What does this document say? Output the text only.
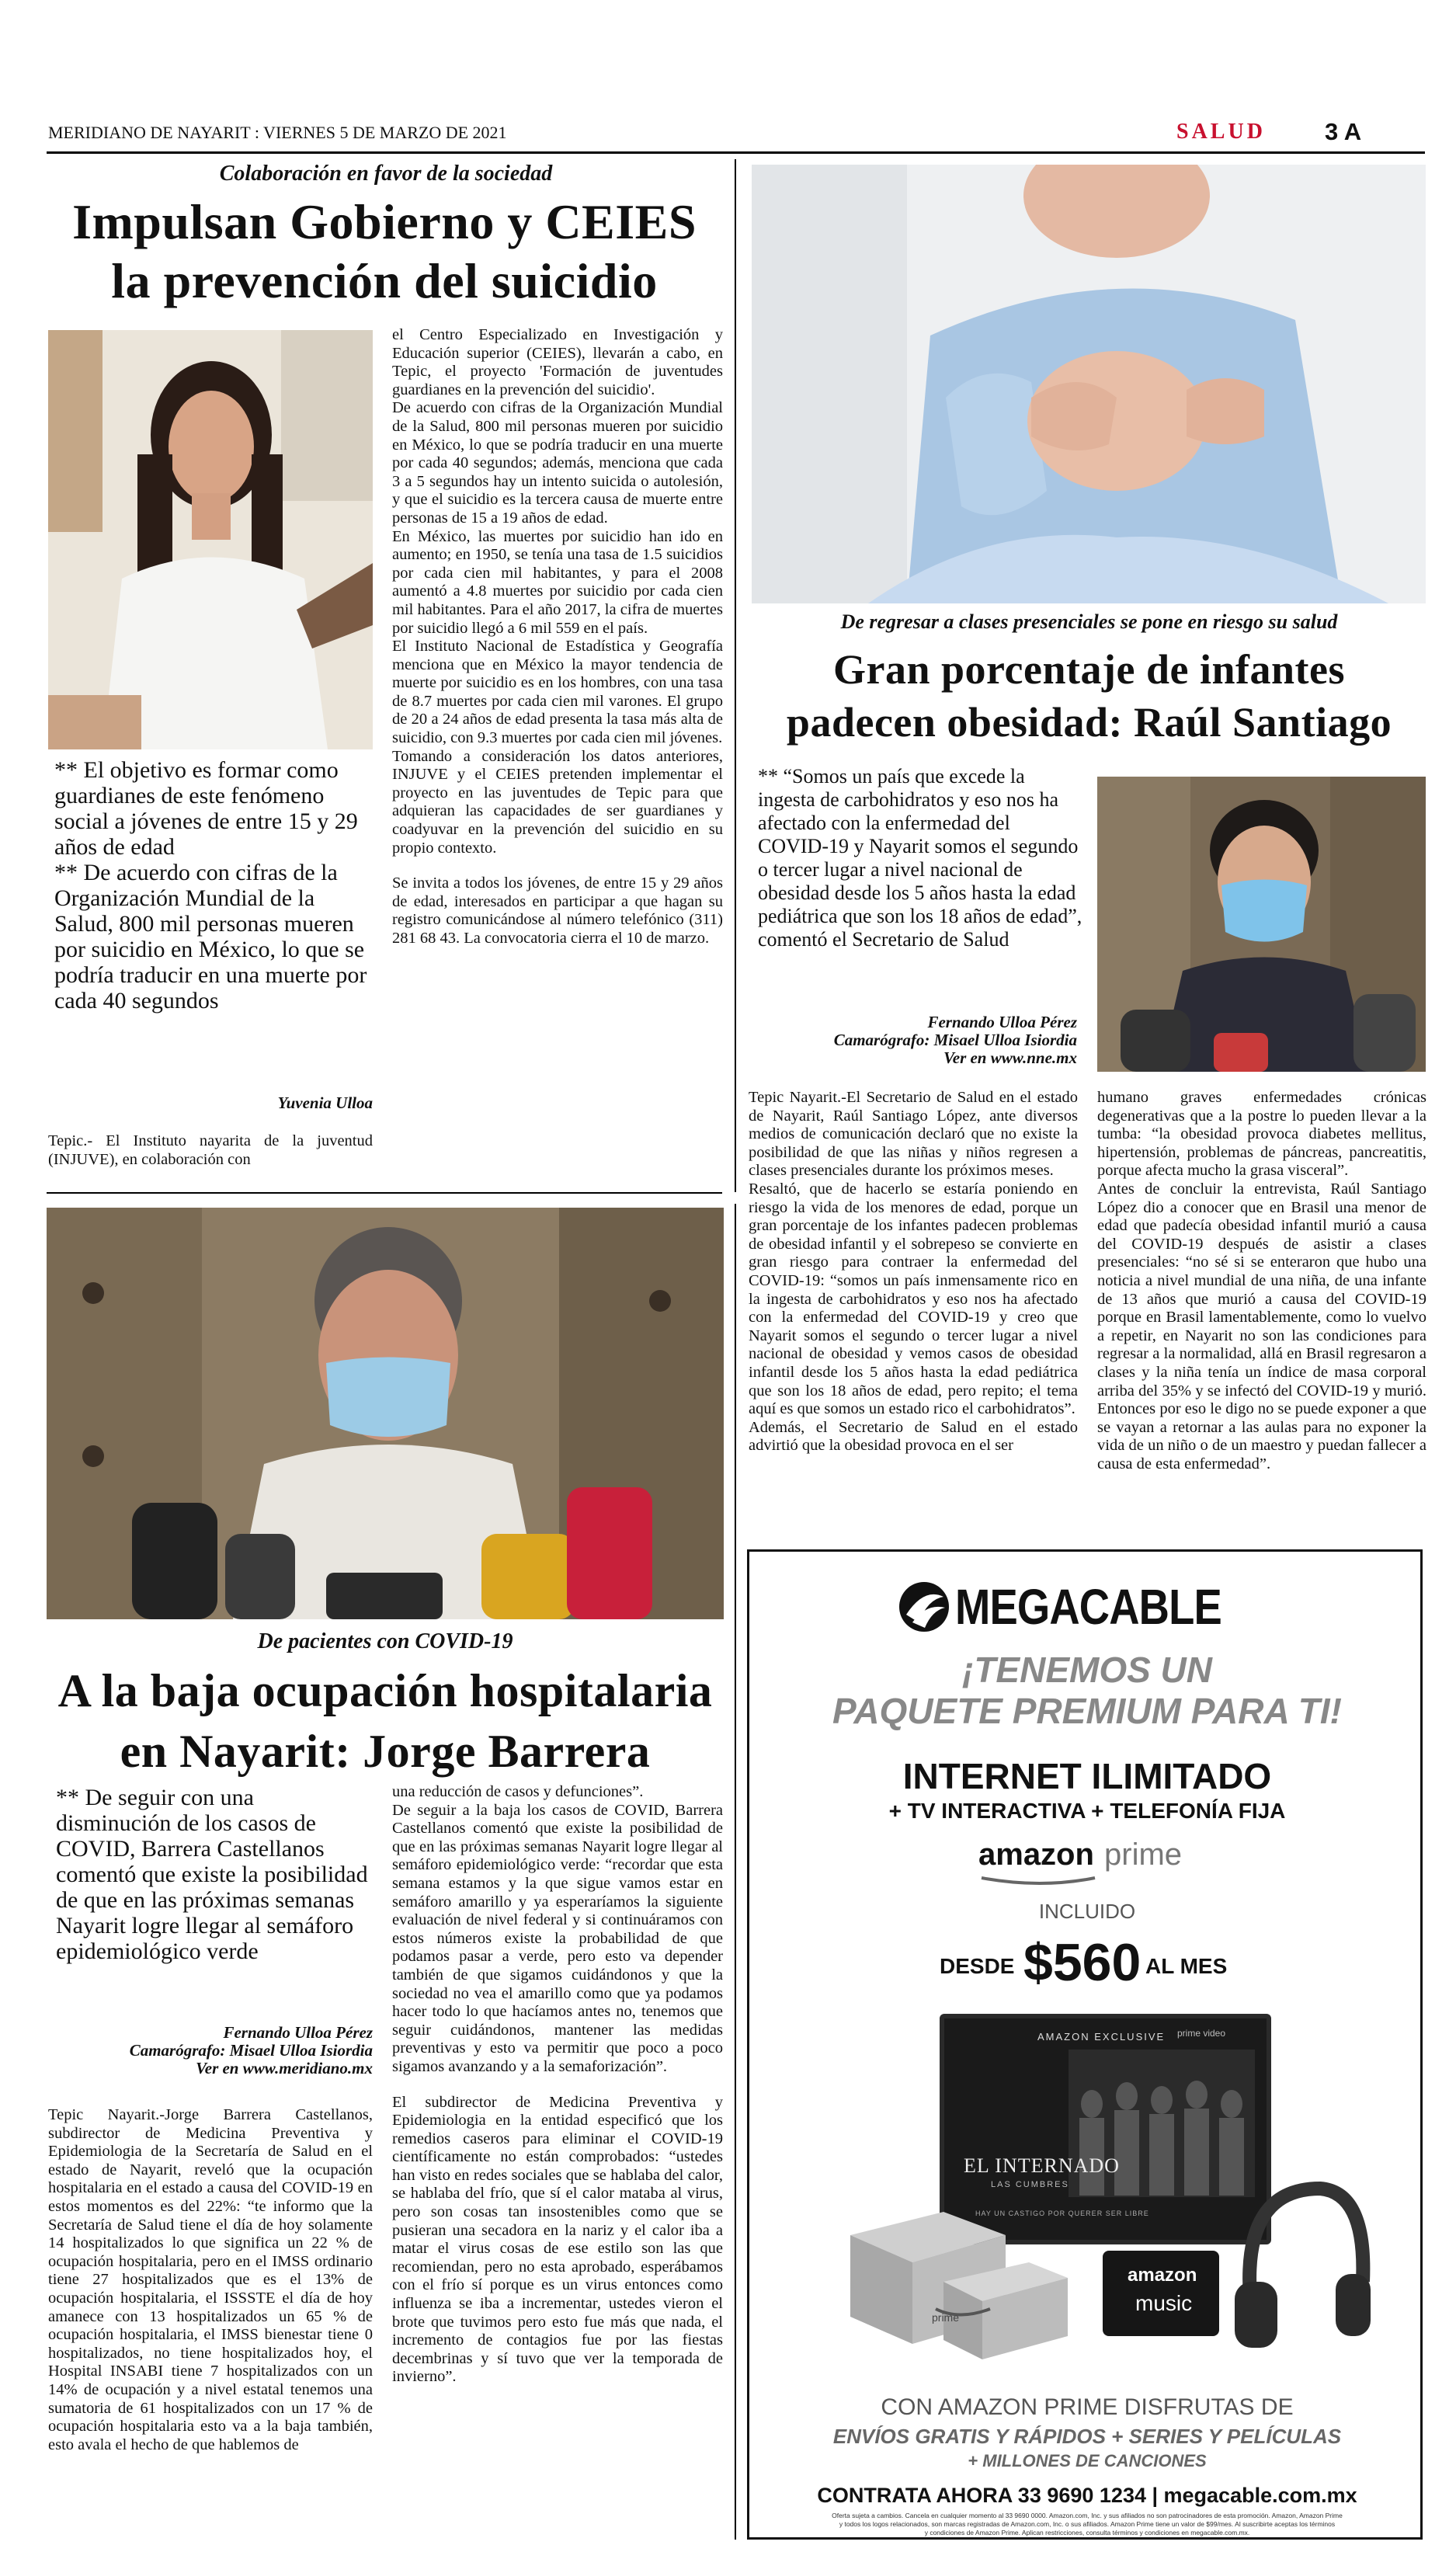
MERIDIANO DE NAYARIT : VIERNES 5 DE MARZO DE 2021	SALUD 3 A
Colaboración en favor de la sociedad
Impulsan Gobierno y CEIES
la prevención del suicidio

** El objetivo es formar como guardianes de este fenómeno social a jóvenes de entre 15 y 29 años de edad

** De acuerdo con cifras de la Organización Mundial de la Salud, 800 mil personas mueren por suicidio en México, lo que se podría traducir en una muerte por cada 40 segundos

Yuvenia Ulloa

Tepic.- El Instituto nayarita de la juventud (INJUVE), en colaboración con

el Centro Especializado en Investigación y Educación superior (CEIES), llevarán a cabo, en Tepic, el proyecto 'Formación de juventudes guardianes en la prevención del suicidio'.

De acuerdo con cifras de la Organización Mundial de la Salud, 800 mil personas mueren por suicidio en México, lo que se podría traducir en una muerte por cada 40 segundos; además, menciona que cada 3 a 5 segundos hay un intento suicida o autolesión, y que el suicidio es la tercera causa de muerte entre personas de 15 a 19 años de edad.

En México, las muertes por suicidio han ido en aumento; en 1950, se tenía una tasa de 1.5 suicidios por cada cien mil habitantes, y para el 2008 aumentó a 4.8 muertes por suicidio por cada cien mil habitantes. Para el año 2017, la cifra de muertes por suicidio llegó a 6 mil 559 en el país.

El Instituto Nacional de Estadística y Geografía menciona que en México la mayor tendencia de muerte por suicidio es en los hombres, con una tasa de 8.7 muertes por cada cien mil varones. El grupo de 20 a 24 años de edad presenta la tasa más alta de suicidio, con 9.3 muertes por cada cien mil jóvenes.

Tomando a consideración los datos anteriores, INJUVE y el CEIES pretenden implementar el proyecto en las juventudes de Tepic para que adquieran las capacidades de ser guardianes y coadyuvar en la prevención del suicidio en su propio contexto.

Se invita a todos los jóvenes, de entre 15 y 29 años de edad, interesados en participar a que hagan su registro comunicándose al número telefónico (311) 281 68 43. La convocatoria cierra el 10 de marzo.

De regresar a clases presenciales se pone en riesgo su salud
Gran porcentaje de infantes
padecen obesidad: Raúl Santiago

** “Somos un país que excede la ingesta de carbohidratos y eso nos ha afectado con la enfermedad del COVID-19 y Nayarit somos el segundo o tercer lugar a nivel nacional de obesidad desde los 5 años hasta la edad pediátrica que son los 18 años de edad”, comentó el Secretario de Salud

Fernando Ulloa Pérez
Camarógrafo: Misael Ulloa Isiordia
Ver en www.nne.mx

Tepic Nayarit.-El Secretario de Salud en el estado de Nayarit, Raúl Santiago López, ante diversos medios de comunicación declaró que no existe la posibilidad de que las niñas y niños regresen a clases presenciales durante los próximos meses.

Resaltó, que de hacerlo se estaría poniendo en riesgo la vida de los menores de edad, porque un gran porcentaje de los infantes padecen problemas de obesidad infantil y el sobrepeso se convierte en gran riesgo para contraer la enfermedad del COVID-19: “somos un país inmensamente rico en la ingesta de carbohidratos y eso nos ha afectado con la enfermedad del COVID-19 y creo que Nayarit somos el segundo o tercer lugar a nivel nacional de obesidad y vemos casos de obesidad infantil desde los 5 años hasta la edad pediátrica que son los 18 años de edad, pero repito; el tema aquí es que somos un estado rico el carbohidratos”.

Además, el Secretario de Salud en el estado advirtió que la obesidad provoca en el ser

humano graves enfermedades crónicas degenerativas que a la postre lo pueden llevar a la tumba: “la obesidad provoca diabetes mellitus, hipertensión, problemas de páncreas, pancreatitis, porque afecta mucho la grasa visceral”.

Antes de concluir la entrevista, Raúl Santiago López dio a conocer que en Brasil una menor de edad que padecía obesidad infantil murió a causa del COVID-19 después de asistir a clases presenciales: “no sé si se enteraron que hubo una noticia a nivel mundial de una niña, de una infante de 13 años que murió a causa del COVID-19 porque en Brasil lamentablemente, como lo vuelvo a repetir, en Nayarit no son las condiciones para regresar a la normalidad, allá en Brasil regresaron a clases y la niña tenía un índice de masa corporal arriba del 35% y se infectó del COVID-19 y murió. Entonces por eso le digo no se puede exponer a que se vayan a retornar a las aulas para no exponer la vida de un niño o de un maestro y puedan fallecer a causa de esta enfermedad”.

De pacientes con COVID-19
A la baja ocupación hospitalaria
en Nayarit: Jorge Barrera

** De seguir con una disminución de los casos de COVID, Barrera Castellanos comentó que existe la posibilidad de que en las próximas semanas Nayarit logre llegar al semáforo epidemiológico verde

Fernando Ulloa Pérez
Camarógrafo: Misael Ulloa Isiordia
Ver en www.meridiano.mx

Tepic Nayarit.-Jorge Barrera Castellanos, subdirector de Medicina Preventiva y Epidemiologia de la Secretaría de Salud en el estado de Nayarit, reveló que la ocupación hospitalaria en el estado a causa del COVID-19 en estos momentos es del 22%: “te informo que la Secretaría de Salud tiene el día de hoy solamente 14 hospitalizados lo que significa un 22 % de ocupación hospitalaria, pero en el IMSS ordinario tiene 27 hospitalizados que es el 13% de ocupación hospitalaria, el ISSSTE el día de hoy amanece con 13 hospitalizados un 65 % de ocupación hospitalaria, el IMSS bienestar tiene 0 hospitalizados, no tiene hospitalizados hoy, el Hospital INSABI tiene 7 hospitalizados con un 14% de ocupación y a nivel estatal tenemos una sumatoria de 61 hospitalizados con un 17 % de ocupación hospitalaria esto va a la baja también, esto avala el hecho de que hablemos de

una reducción de casos y defunciones”.

De seguir a la baja los casos de COVID, Barrera Castellanos comentó que existe la posibilidad de que en las próximas semanas Nayarit logre llegar al semáforo epidemiológico verde: “recordar que esta semana estamos y la que sigue vamos estar en semáforo amarillo y ya esperaríamos la siguiente evaluación de nivel federal y si continuáramos con estos números existe la probabilidad de que podamos pasar a verde, pero esto va depender también de que sigamos cuidándonos y que la sociedad no vea el amarillo como que ya podamos hacer todo lo que hacíamos antes no, tenemos que seguir cuidándonos, mantener las medidas preventivas y esto va permitir que poco a poco sigamos avanzando y a la semaforización”.

El subdirector de Medicina Preventiva y Epidemiologia en la entidad especificó que los remedios caseros para eliminar el COVID-19 científicamente no están comprobados: “ustedes han visto en redes sociales que se hablaba del calor, se hablaba del frío, que sí el calor mataba al virus, pero son cosas tan insostenibles como que se pusieran una secadora en la nariz y el calor iba a matar el virus cosas de ese estilo son las que recomiendan, pero no esta aprobado, esperábamos con el frío sí porque es un virus entonces como influenza se iba a incrementar, ustedes vieron el brote que tuvimos pero esto fue más que nada, el incremento de contagios fue por las fiestas decembrinas y sí tuvo que ver la temporada de invierno”.

MEGACABLE
¡TENEMOS UN
PAQUETE PREMIUM PARA TI!
INTERNET ILIMITADO
+ TV INTERACTIVA + TELEFONÍA FIJA
amazon prime
INCLUIDO
DESDE $560 AL MES
AMAZON EXCLUSIVE prime video
EL INTERNADO
LAS CUMBRES
HAY UN CASTIGO POR QUERER SER LIBRE
prime
amazon
music
CON AMAZON PRIME DISFRUTAS DE
ENVÍOS GRATIS Y RÁPIDOS + SERIES Y PELÍCULAS
+ MILLONES DE CANCIONES
CONTRATA AHORA 33 9690 1234 | megacable.com.mx
Oferta sujeta a cambios. Cancela en cualquier momento al 33 9690 0000. Amazon.com, Inc. y sus afiliados no son patrocinadores de esta promoción. Amazon, Amazon Prime
y todos los logos relacionados, son marcas registradas de Amazon.com, Inc. o sus afiliados. Amazon Prime tiene un valor de $99/mes. Al suscribirte aceptas los términos
y condiciones de Amazon Prime. Aplican restricciones, consulta términos y condiciones en megacable.com.mx.
